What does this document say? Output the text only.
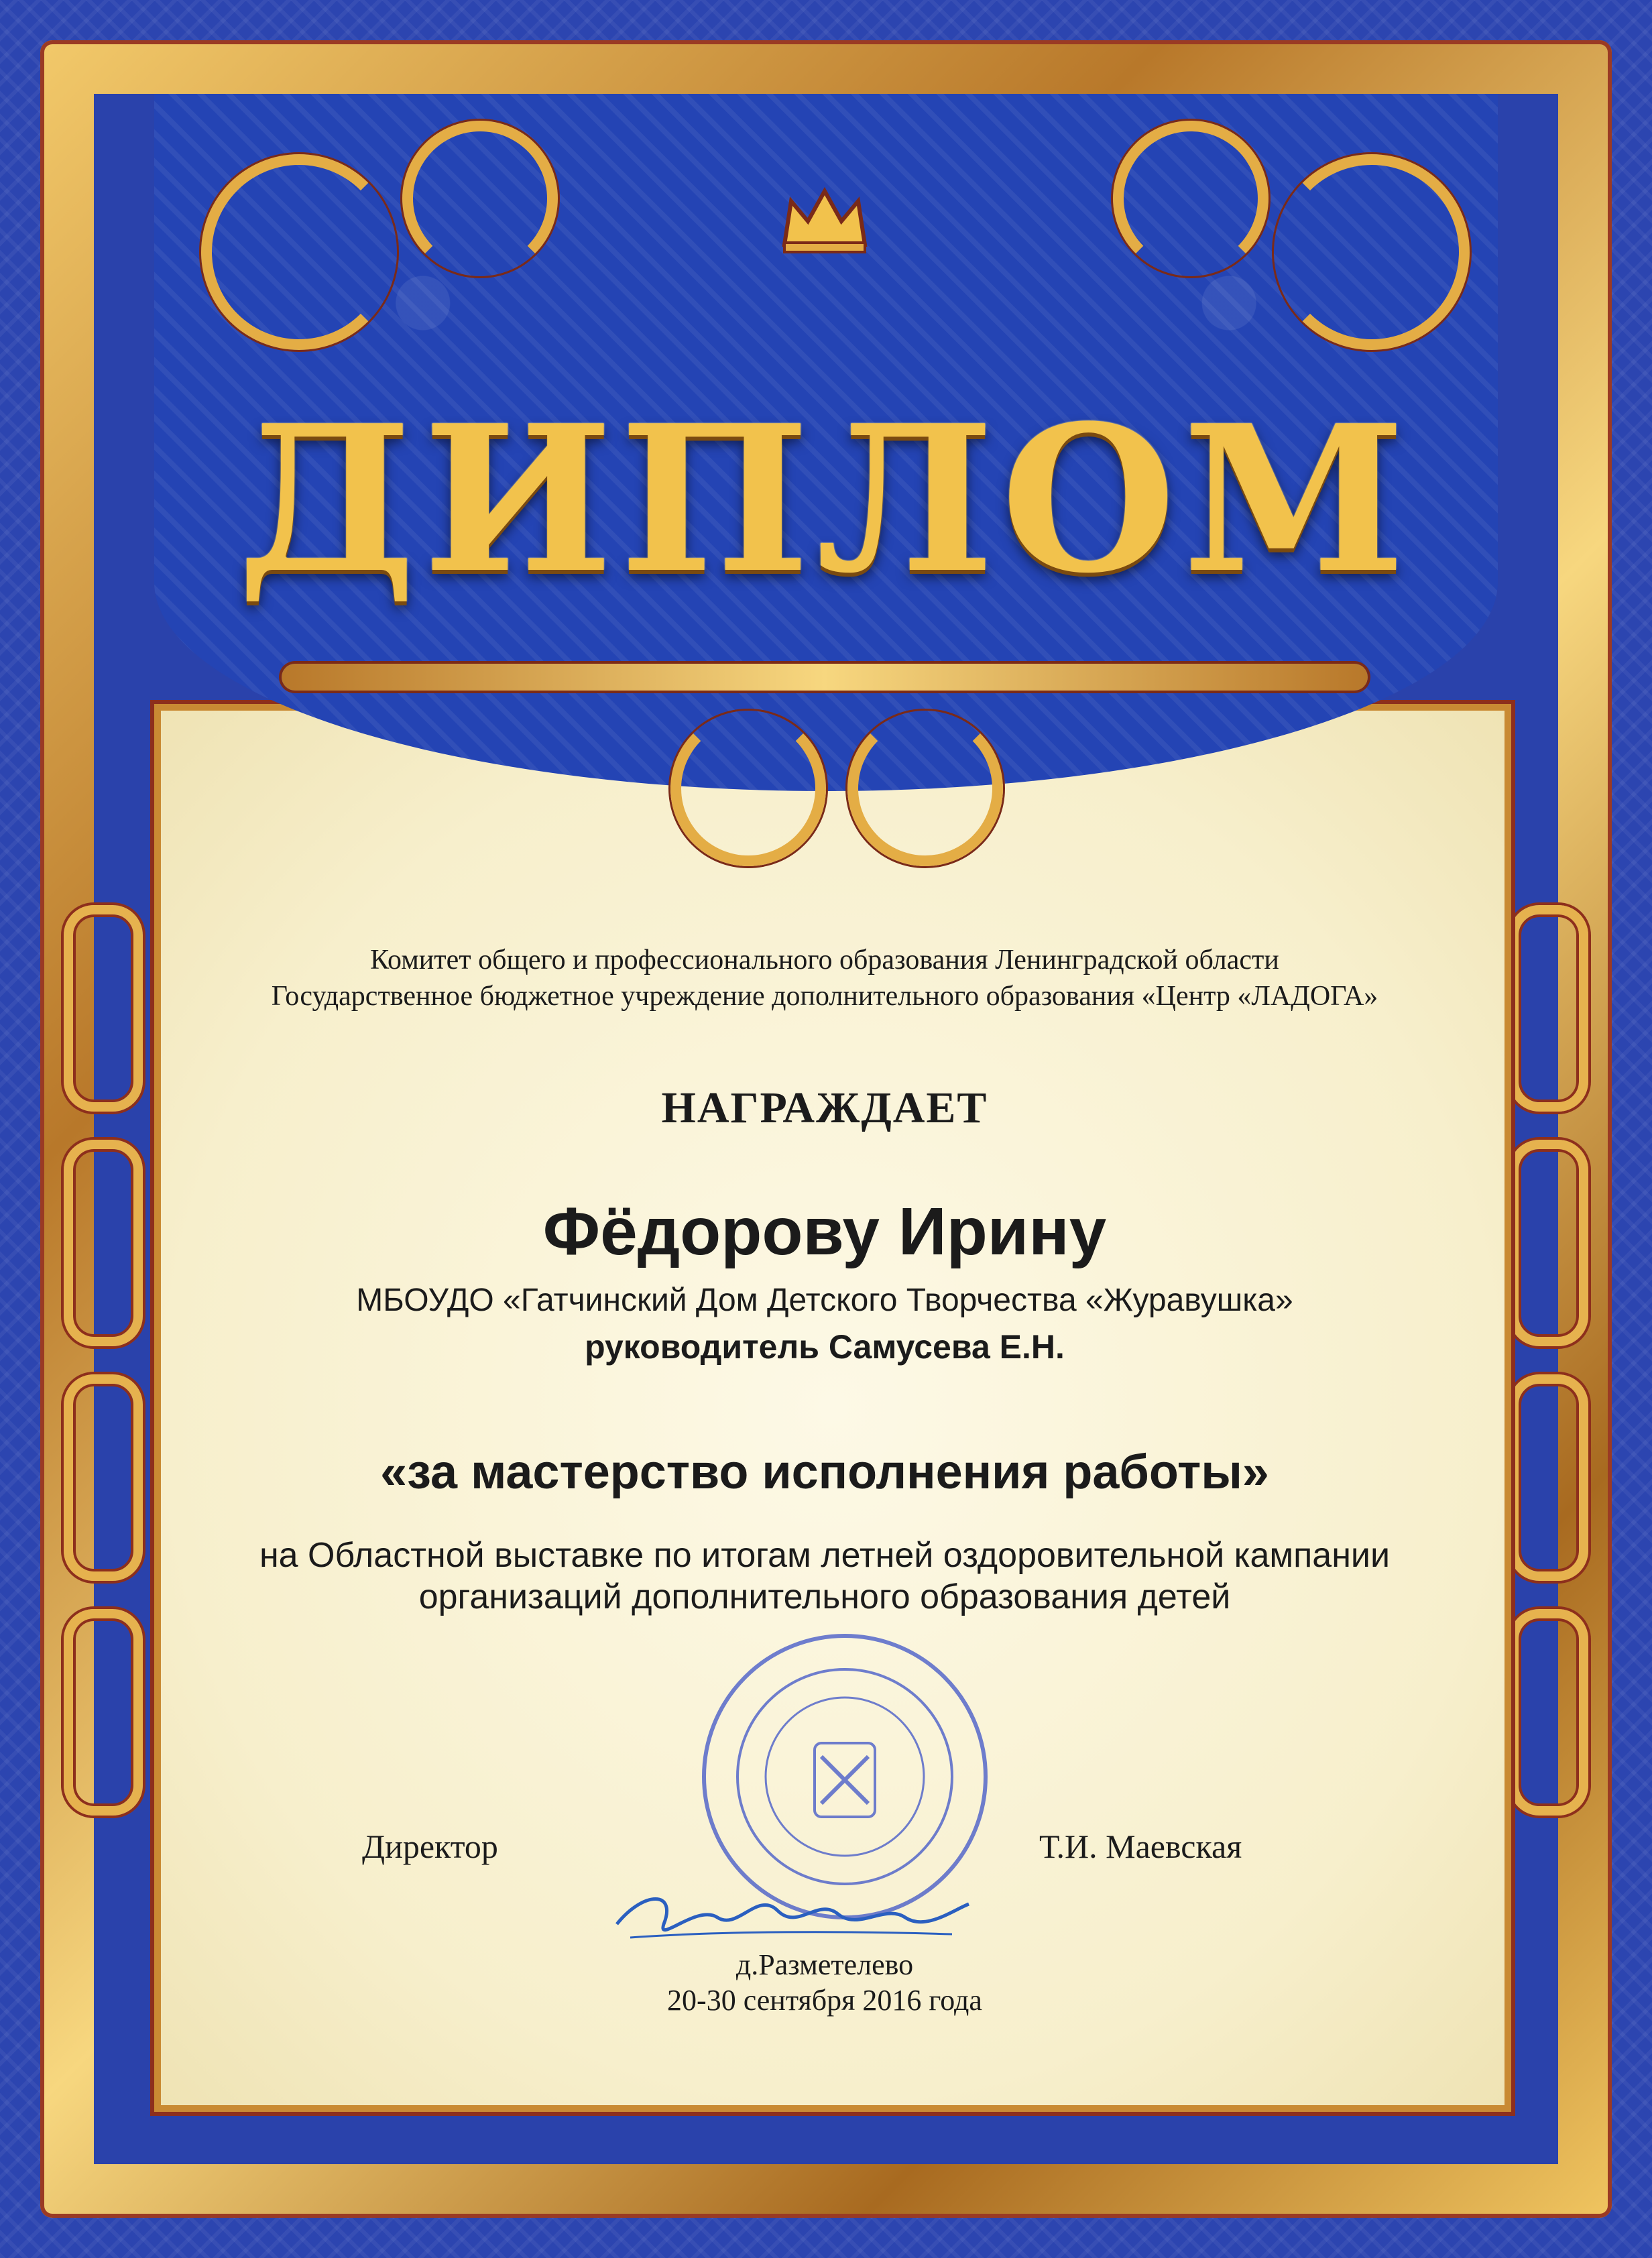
ДИПЛОМ
Комитет общего и профессионального образования Ленинградской области
Государственное бюджетное учреждение дополнительного образования «Центр «ЛАДОГА»
НАГРАЖДАЕТ
Фёдорову Ирину
МБОУДО «Гатчинский Дом Детского Творчества «Журавушка»
руководитель Самусева Е.Н.
«за мастерство исполнения работы»
на Областной выставке по итогам летней оздоровительной кампании
организаций дополнительного образования детей
Директор	Т.И. Маевская
д.Разметелево
20-30 сентября 2016 года
